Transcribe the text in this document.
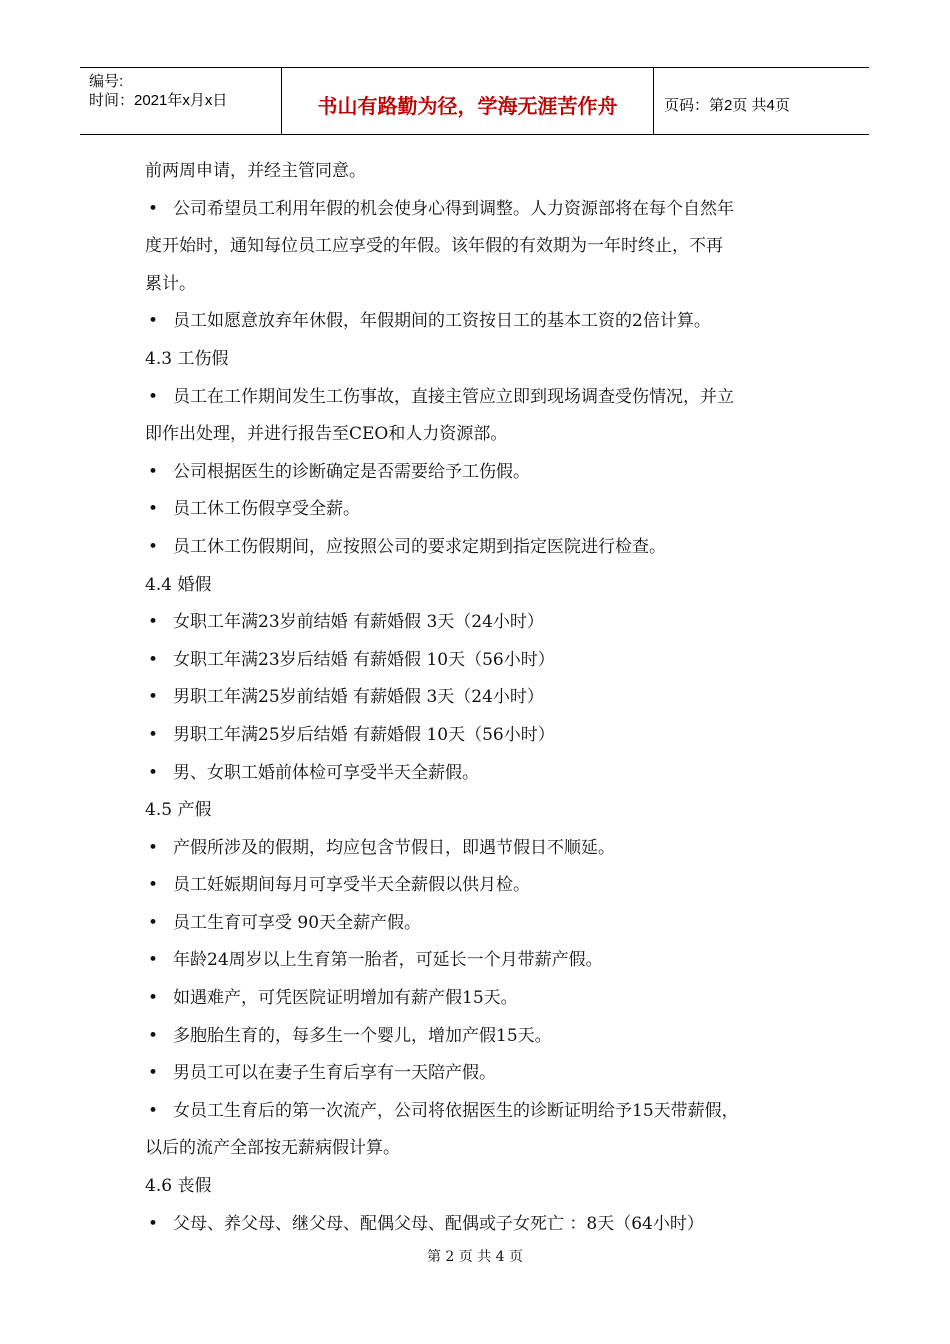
编号:
时间：2021年x月x日	书山有路勤为径，学海无涯苦作舟	页码：第2页 共4页
前两周申请，并经主管同意。
• 公司希望员工利用年假的机会使身心得到调整。人力资源部将在每个自然年
度开始时，通知每位员工应享受的年假。该年假的有效期为一年时终止，不再
累计。
• 员工如愿意放弃年休假，年假期间的工资按日工的基本工资的2倍计算。
4.3 工伤假
• 员工在工作期间发生工伤事故，直接主管应立即到现场调查受伤情况，并立
即作出处理，并进行报告至CEO和人力资源部。
• 公司根据医生的诊断确定是否需要给予工伤假。
• 员工休工伤假享受全薪。
• 员工休工伤假期间，应按照公司的要求定期到指定医院进行检查。
4.4 婚假
• 女职工年满23岁前结婚 有薪婚假 3天（24小时）
• 女职工年满23岁后结婚 有薪婚假 10天（56小时）
• 男职工年满25岁前结婚 有薪婚假 3天（24小时）
• 男职工年满25岁后结婚 有薪婚假 10天（56小时）
• 男、女职工婚前体检可享受半天全薪假。
4.5 产假
• 产假所涉及的假期，均应包含节假日，即遇节假日不顺延。
• 员工妊娠期间每月可享受半天全薪假以供月检。
• 员工生育可享受 90天全薪产假。
• 年龄24周岁以上生育第一胎者，可延长一个月带薪产假。
• 如遇难产，可凭医院证明增加有薪产假15天。
• 多胞胎生育的，每多生一个婴儿，增加产假15天。
• 男员工可以在妻子生育后享有一天陪产假。
• 女员工生育后的第一次流产，公司将依据医生的诊断证明给予15天带薪假，
以后的流产全部按无薪病假计算。
4.6 丧假
• 父母、养父母、继父母、配偶父母、配偶或子女死亡 ：8天（64小时）
第 2 页 共 4 页
